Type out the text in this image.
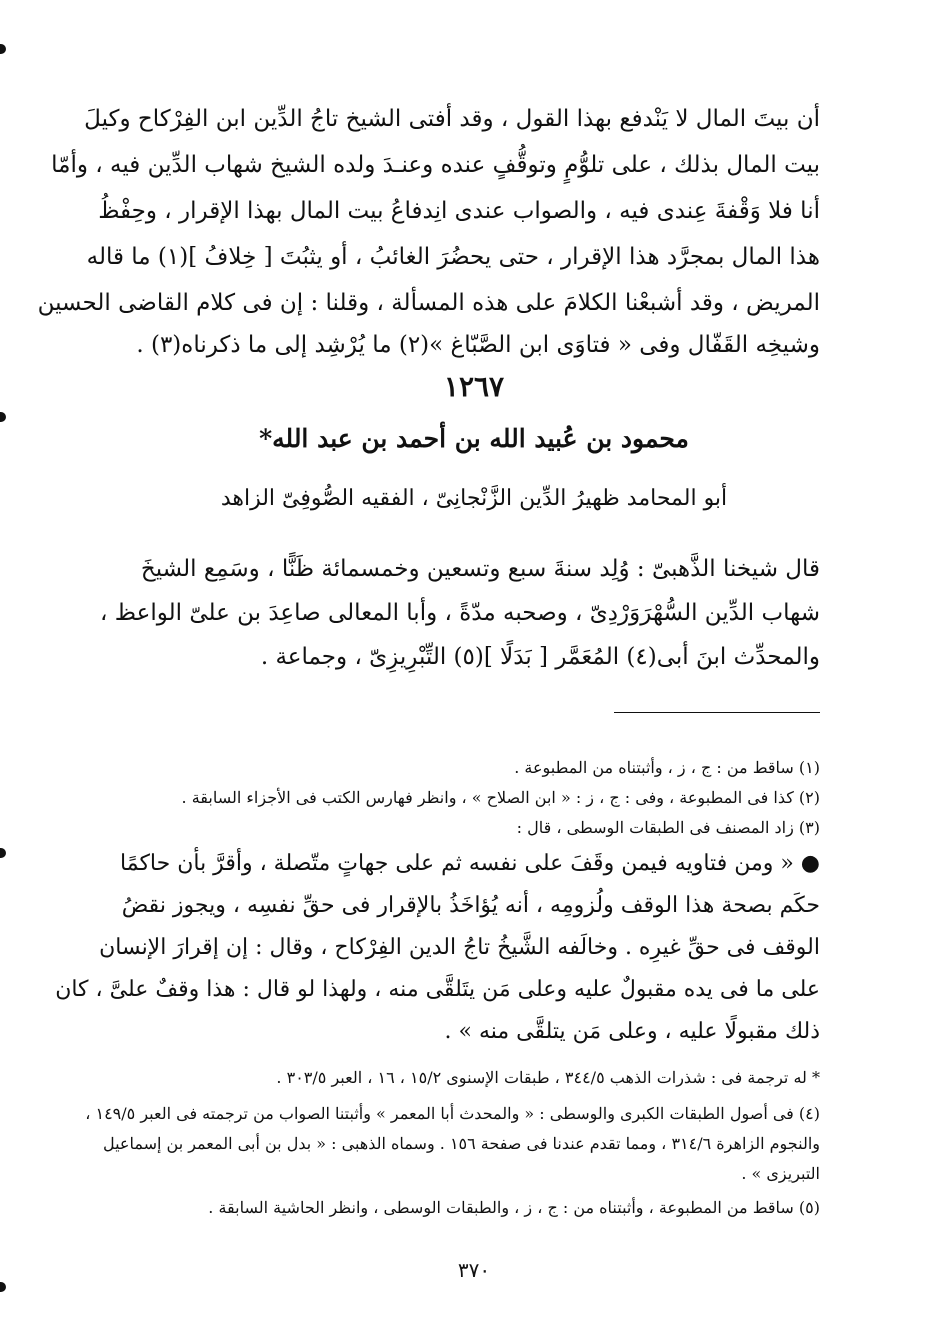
أن بيتَ المال لا يَنْدفع بهذا القول ، وقد أفتى الشيخ تاجُ الدِّين ابن الفِرْكاح وكيلَ
بيت المال بذلك ، على تلوُّمٍ وتوقُّفٍ عنده وعنـدَ ولده الشيخ شهاب الدِّين فيه ، وأمّا
أنا فلا وَقْفةَ عِندى فيه ، والصواب عندى انِدفاعُ بيت المال بهذا الإقرار ، وحِفْظُ
هذا المال بمجرَّد هذا الإقرار ، حتى يحضُرَ الغائبُ ، أو يثبُتَ [ خِلافُ ](١) ما قاله
المريض ، وقد أشبعْنا الكلامَ على هذه المسألة ، وقلنا : إن فى كلام القاضى الحسين
وشيخِه القَفّال وفى « فتاوَى ابن الصَّبّاغ »(٢) ما يُرْشِد إلى ما ذكرناه(٣) .
١٢٦٧
محمود بن عُبيد الله بن أحمد بن عبد الله*
أبو المحامد ظهيرُ الدِّين الزَّنْجانِىّ ، الفقيه الصُّوفِىّ الزاهد
قال شيخنا الذَّهبىّ : وُلِد سنةَ سبع وتسعين وخمسمائة ظَنًّا ، وسَمِع الشيخَ
شهاب الدِّين السُّهْرَوَرْدِىّ ، وصحبه مدّةً ، وأبا المعالى صاعِدَ بن علىّ الواعظ ،
والمحدِّث ابنَ أبى(٤) المُعَمَّر [ بَدَلًا ](٥) التِّبْرِيزِىّ ، وجماعة .
(١) ساقط من : ج ، ز ، وأثبتناه من المطبوعة .
(٢) كذا فى المطبوعة ، وفى : ج ، ز : « ابن الصلاح » ، وانظر فهارس الكتب فى الأجزاء السابقة .
(٣) زاد المصنف فى الطبقات الوسطى ، قال :
● « ومن فتاويه فيمن وقَفَ على نفسه ثم على جهاتٍ متّصلة ، وأقرَّ بأن حاكمًا
حكَم بصحة هذا الوقف ولُزومِه ، أنه يُؤاخَذُ بالإقرار فى حقِّ نفسِه ، ويجوز نقضُ
الوقف فى حقِّ غيرِه . وخالَفه الشَّيخُ تاجُ الدين الفِرْكاح ، وقال : إن إقرارَ الإنسان
على ما فى يده مقبولٌ عليه وعلى مَن يتَلقَّى منه ، ولهذا لو قال : هذا وقفٌ علىَّ ، كان
ذلك مقبولًا عليه ، وعلى مَن يتلقَّى منه » .
* له ترجمة فى : شذرات الذهب ٣٤٤/٥ ، طبقات الإسنوى ١٥/٢ ، ١٦ ، العبر ٣٠٣/٥ .
(٤) فى أصول الطبقات الكبرى والوسطى : « والمحدث أبا المعمر » وأثبتنا الصواب من ترجمته فى العبر ١٤٩/٥ ،
والنجوم الزاهرة ٣١٤/٦ ، ومما تقدم عندنا فى صفحة ١٥٦ . وسماه الذهبى : « بدل بن أبى المعمر بن إسماعيل
التبريزى » .
(٥) ساقط من المطبوعة ، وأثبتناه من : ج ، ز ، والطبقات الوسطى ، وانظر الحاشية السابقة .
٣٧٠
